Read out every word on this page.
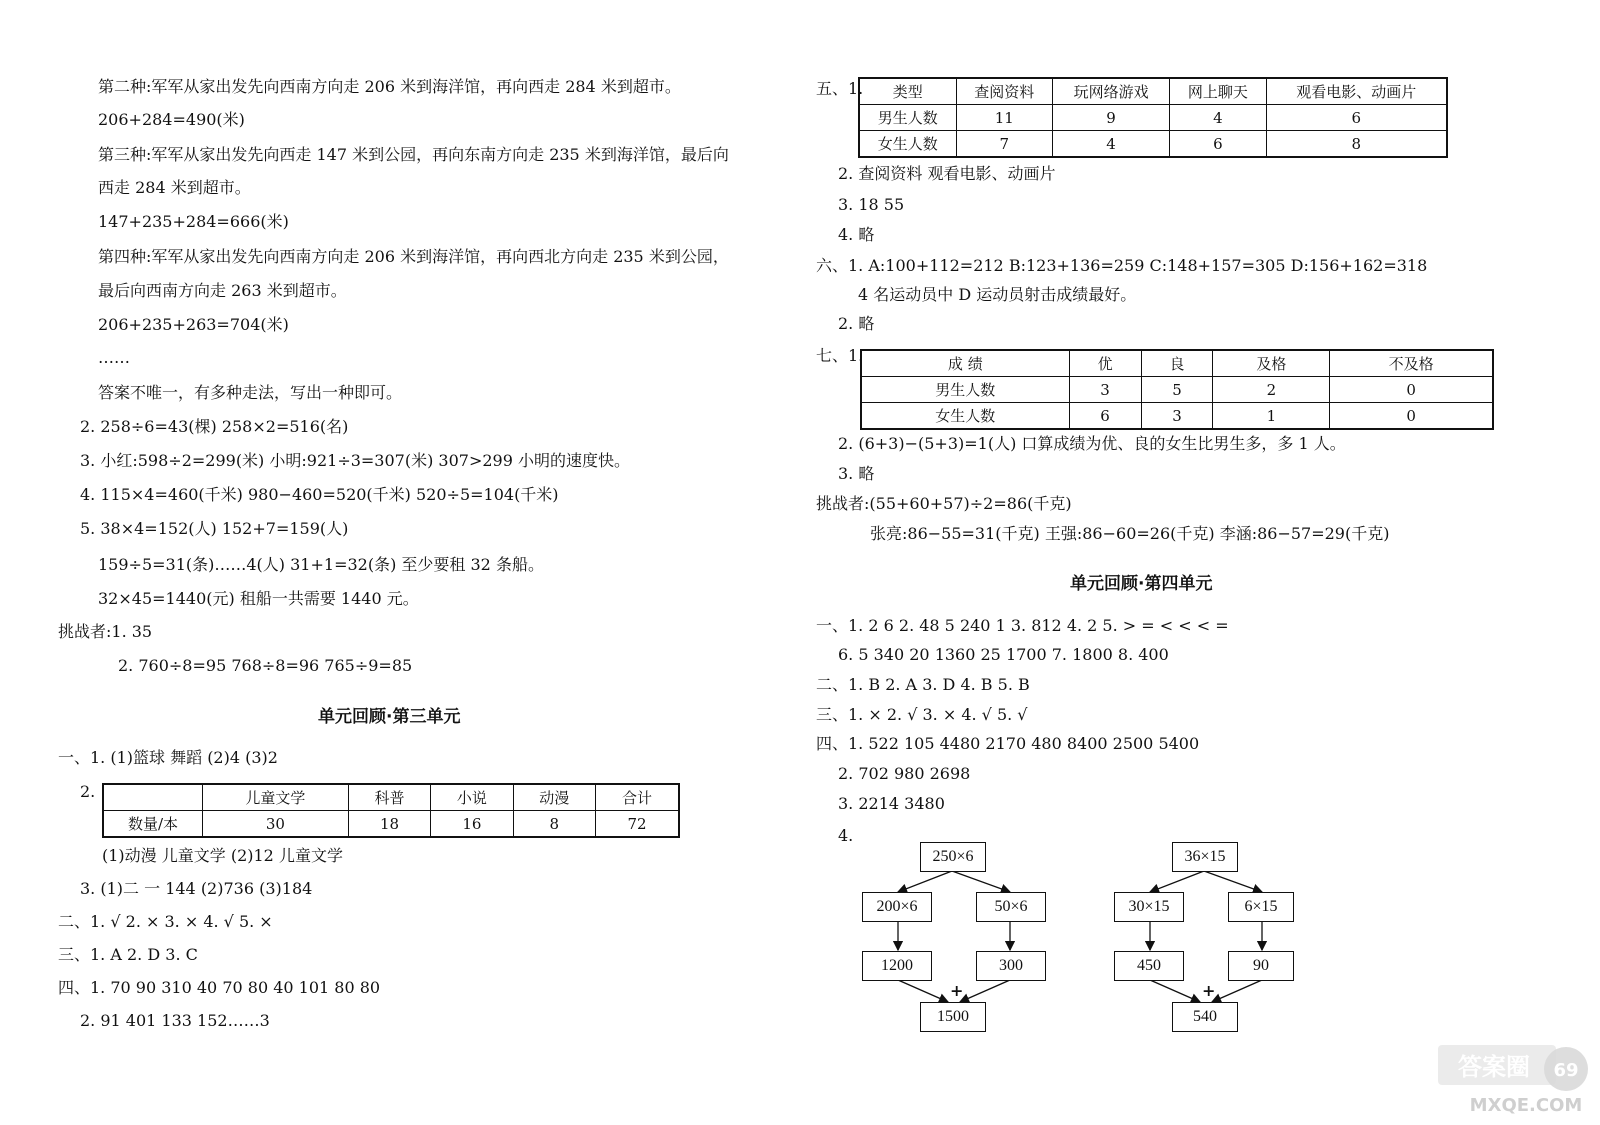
第二种:军军从家出发先向西南方向走 206 米到海洋馆，再向西走 284 米到超市。
206+284=490(米)
第三种:军军从家出发先向西走 147 米到公园，再向东南方向走 235 米到海洋馆，最后向
西走 284 米到超市。
147+235+284=666(米)
第四种:军军从家出发先向西南方向走 206 米到海洋馆，再向西北方向走 235 米到公园，
最后向西南方向走 263 米到超市。
206+235+263=704(米)
……
答案不唯一，有多种走法，写出一种即可。
2. 258÷6=43(棵) 258×2=516(名)
3. 小红:598÷2=299(米) 小明:921÷3=307(米) 307>299 小明的速度快。
4. 115×4=460(千米) 980−460=520(千米) 520÷5=104(千米)
5. 38×4=152(人) 152+7=159(人)
159÷5=31(条)……4(人) 31+1=32(条) 至少要租 32 条船。
32×45=1440(元) 租船一共需要 1440 元。
挑战者:1. 35
2. 760÷8=95 768÷8=96 765÷9=85
单元回顾·第三单元
一、1. (1)篮球 舞蹈 (2)4 (3)2
2.
		儿童文学	科普	小说	动漫	合计
数量/本	30	18	16	8	72
(1)动漫 儿童文学 (2)12 儿童文学
3. (1)二 一 144 (2)736 (3)184
二、1. √ 2. × 3. × 4. √ 5. ×
三、1. A 2. D 3. C
四、1. 70 90 310 40 70 80 40 101 80 80
2. 91 401 133 152……3
五、1. 类型	查阅资料	玩网络游戏	网上聊天	观看电影、动画片
男生人数	11	9	4	6
女生人数	7	4	6	8
2. 查阅资料 观看电影、动画片
3. 18 55
4. 略
六、1. A:100+112=212 B:123+136=259 C:148+157=305 D:156+162=318
4 名运动员中 D 运动员射击成绩最好。
2. 略
七、1.	成 绩	优	良	及格	不及格
男生人数	3	5	2	0
女生人数	6	3	1	0
2. (6+3)−(5+3)=1(人) 口算成绩为优、良的女生比男生多，多 1 人。
3. 略
挑战者:(55+60+57)÷2=86(千克)
张亮:86−55=31(千克) 王强:86−60=26(千克) 李涵:86−57=29(千克)
单元回顾·第四单元
一、1. 2 6 2. 48 5 240 1 3. 812 4. 2 5. > = < < < =
6. 5 340 20 1360 25 1700 7. 1800 8. 400
二、1. B 2. A 3. D 4. B 5. B
三、1. × 2. √ 3. × 4. √ 5. √
四、1. 522 105 4480 2170 480 8400 2500 5400
2. 702 980 2698
3. 2214 3480
4.
250×6
200×6	50×6
1200	300
+
1500
36×15
30×15	6×15
450	90
+
540
69
答案圈
MXQE.COM
